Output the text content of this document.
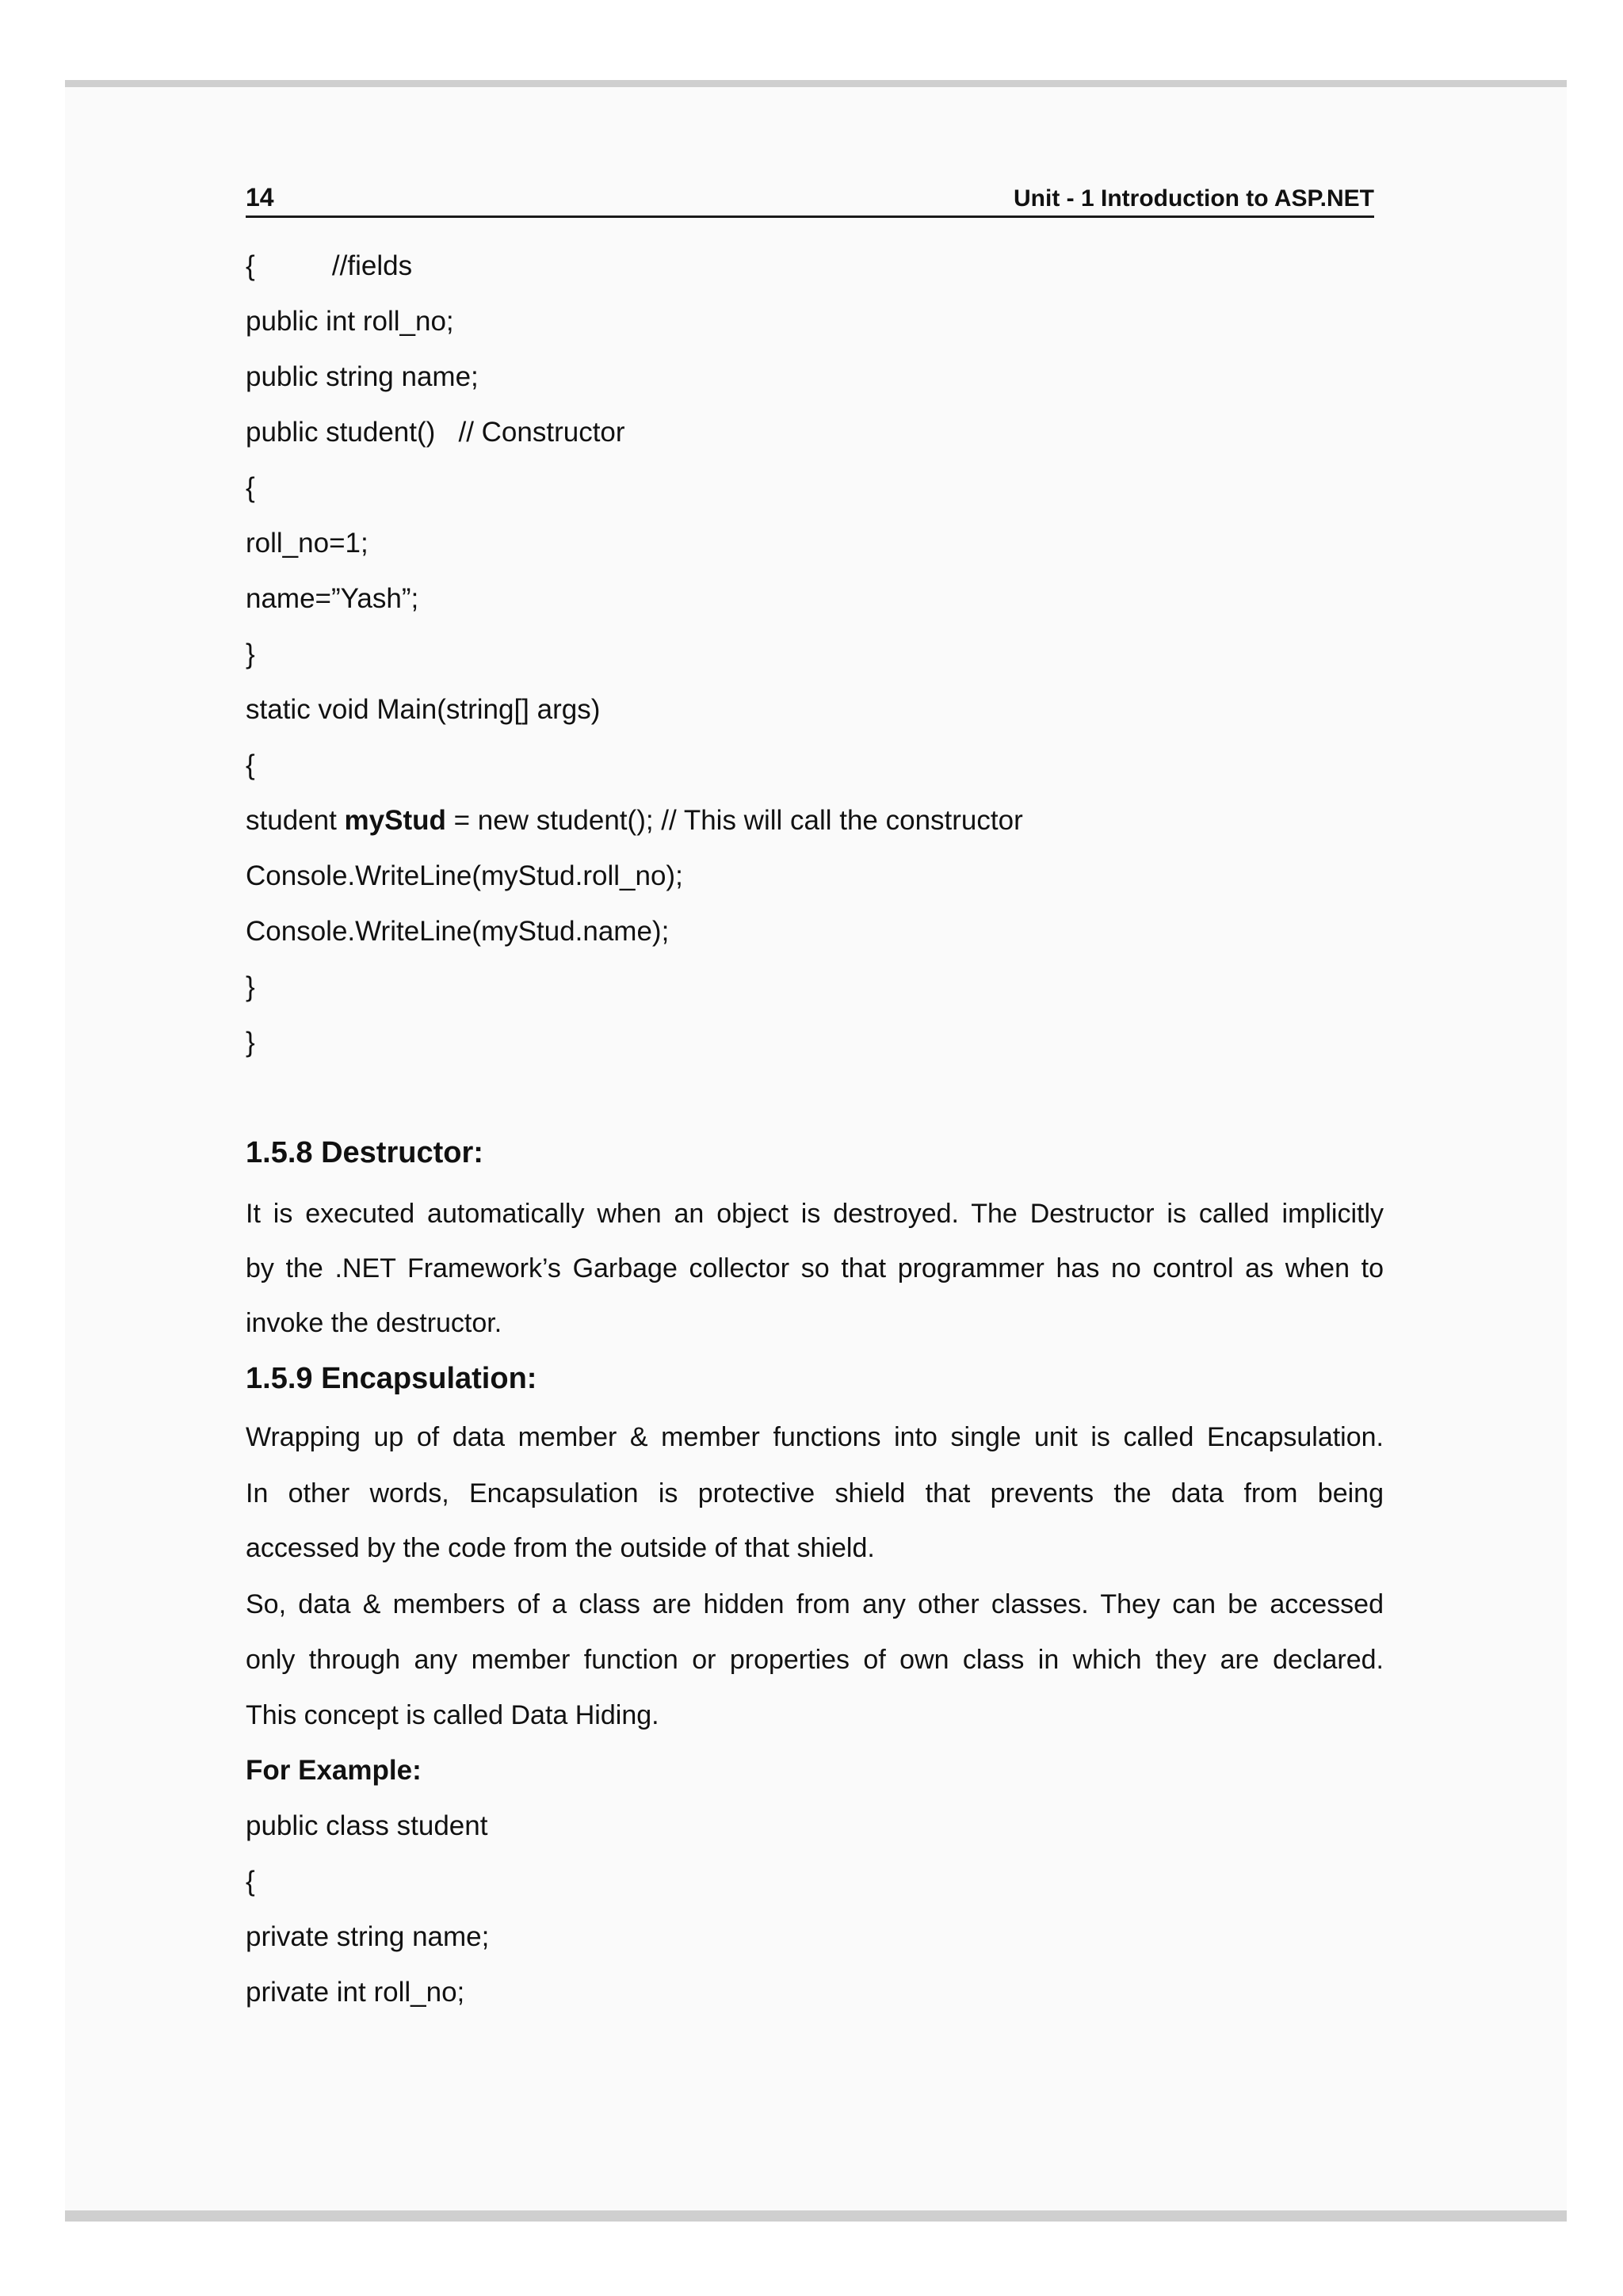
14	Unit - 1 Introduction to ASP.NET
{          //fields
public int roll_no;
public string name;
public student()   // Constructor
{
roll_no=1;
name=”Yash”;
}
static void Main(string[] args)
{
student myStud = new student(); // This will call the constructor
Console.WriteLine(myStud.roll_no);
Console.WriteLine(myStud.name);
}
}
1.5.8 Destructor:
It is executed automatically when an object is destroyed. The Destructor is called implicitly
by the .NET Framework’s Garbage collector so that programmer has no control as when to
invoke the destructor.
1.5.9 Encapsulation:
Wrapping up of data member & member functions into single unit is called Encapsulation.
In other words, Encapsulation is protective shield that prevents the data from being
accessed by the code from the outside of that shield.
So, data & members of a class are hidden from any other classes. They can be accessed
only through any member function or properties of own class in which they are declared.
This concept is called Data Hiding.
For Example:
public class student
{
private string name;
private int roll_no;
